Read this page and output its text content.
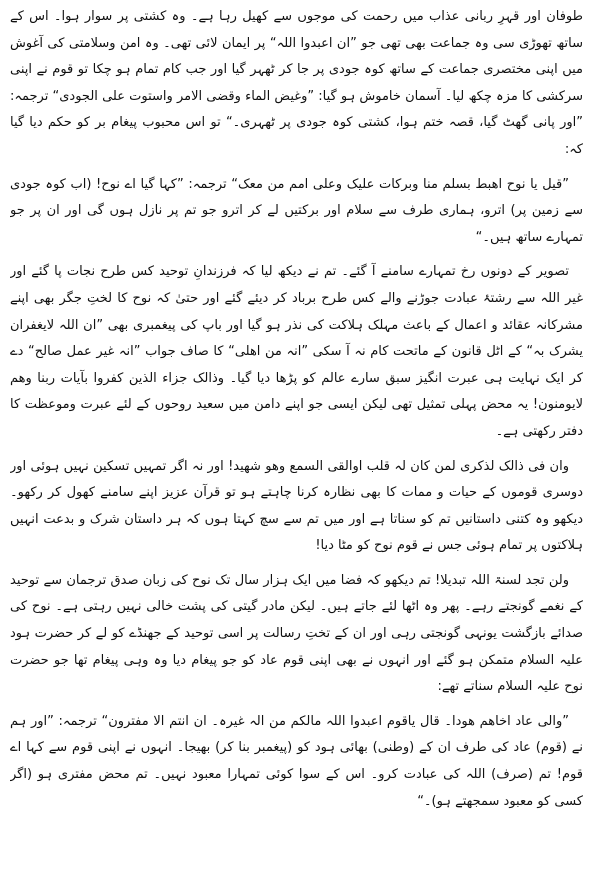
طوفان اور قہرِ ربانی عذاب میں رحمت کی موجوں سے کھیل رہا ہے۔ وہ کشتی پر سوار ہوا۔ اس کے ساتھ تھوڑی سی وہ جماعت بھی تھی جو ”ان اعبدوا اللہ“ پر ایمان لائی تھی۔ وہ امن وسلامتی کی آغوش میں اپنی مختصری جماعت کے ساتھ کوہ جودی پر جا کر ٹھہر گیا اور جب کام تمام ہو چکا تو قوم نے اپنی سرکشی کا مزہ چکھ لیا۔ آسمان خاموش ہو گیا: ”وغیض الماء وقضی الامر واستوت علی الجودی“ ترجمہ: ”اور پانی گھٹ گیا، قصہ ختم ہوا، کشتی کوہ جودی پر ٹھہری۔“ تو اس محبوب پیغام بر کو حکم دیا گیا کہ:

”قیل یا نوح اھبط بسلم منا وبرکات علیک وعلی امم من معک“ ترجمہ: ”کہا گیا اے نوح! (اب کوہ جودی سے زمین پر) اترو، ہماری طرف سے سلام اور برکتیں لے کر اترو جو تم پر نازل ہوں گی اور ان پر جو تمہارے ساتھ ہیں۔“

تصویر کے دونوں رخ تمہارے سامنے آ گئے۔ تم نے دیکھ لیا کہ فرزندانِ توحید کس طرح نجات پا گئے اور غیر اللہ سے رشتۂ عبادت جوڑنے والے کس طرح برباد کر دیئے گئے اور حتیٰ کہ نوح کا لختِ جگر بھی اپنے مشرکانہ عقائد و اعمال کے باعث مہلک ہلاکت کی نذر ہو گیا اور باپ کی پیغمبری بھی ”ان اللہ لایغفران یشرک بہ“ کے اٹل قانون کے ماتحت کام نہ آ سکی ”انہ من اھلی“ کا صاف جواب ”انہ غیر عمل صالح“ دے کر ایک نہایت ہی عبرت انگیز سبق سارے عالم کو پڑھا دیا گیا۔ وذالک جزاء الذین کفروا بآیات ربنا وھم لایومنون! یہ محض پہلی تمثیل تھی لیکن ایسی جو اپنے دامن میں سعید روحوں کے لئے عبرت وموعظت کا دفتر رکھتی ہے۔

وان فی ذالک لذکری لمن کان لہ قلب اوالقی السمع وھو شھید! اور نہ اگر تمہیں تسکین نہیں ہوئی اور دوسری قوموں کے حیات و ممات کا بھی نظارہ کرنا چاہتے ہو تو قرآن عزیز اپنے سامنے کھول کر رکھو۔ دیکھو وہ کتنی داستانیں تم کو سناتا ہے اور میں تم سے سچ کہتا ہوں کہ ہر داستان شرک و بدعت انہیں ہلاکتوں پر تمام ہوئی جس نے قوم نوح کو مٹا دیا!

ولن تجد لسنۃ اللہ تبدیلا! تم دیکھو کہ فضا میں ایک ہزار سال تک نوح کی زبان صدق ترجمان سے توحید کے نغمے گونجتے رہے۔ پھر وہ اٹھا لئے جاتے ہیں۔ لیکن مادر گیتی کی پشت خالی نہیں رہتی ہے۔ نوح کی صدائے بازگشت یونہی گونجتی رہی اور ان کے تختِ رسالت پر اسی توحید کے جھنڈے کو لے کر حضرت ہود علیہ السلام متمکن ہو گئے اور انہوں نے بھی اپنی قوم عاد کو جو پیغام دیا وہ وہی پیغام تھا جو حضرت نوح علیہ السلام سناتے تھے:

”والی عاد اخاھم ھودا۔ قال یاقوم اعبدوا اللہ مالکم من الہ غیرہ۔ ان انتم الا مفترون“ ترجمہ: ”اور ہم نے (قوم) عاد کی طرف ان کے (وطنی) بھائی ہود کو (پیغمبر بنا کر) بھیجا۔ انہوں نے اپنی قوم سے کہا اے قوم! تم (صرف) اللہ کی عبادت کرو۔ اس کے سوا کوئی تمہارا معبود نہیں۔ تم محض مفتری ہو (اگر کسی کو معبود سمجھتے ہو)۔“
